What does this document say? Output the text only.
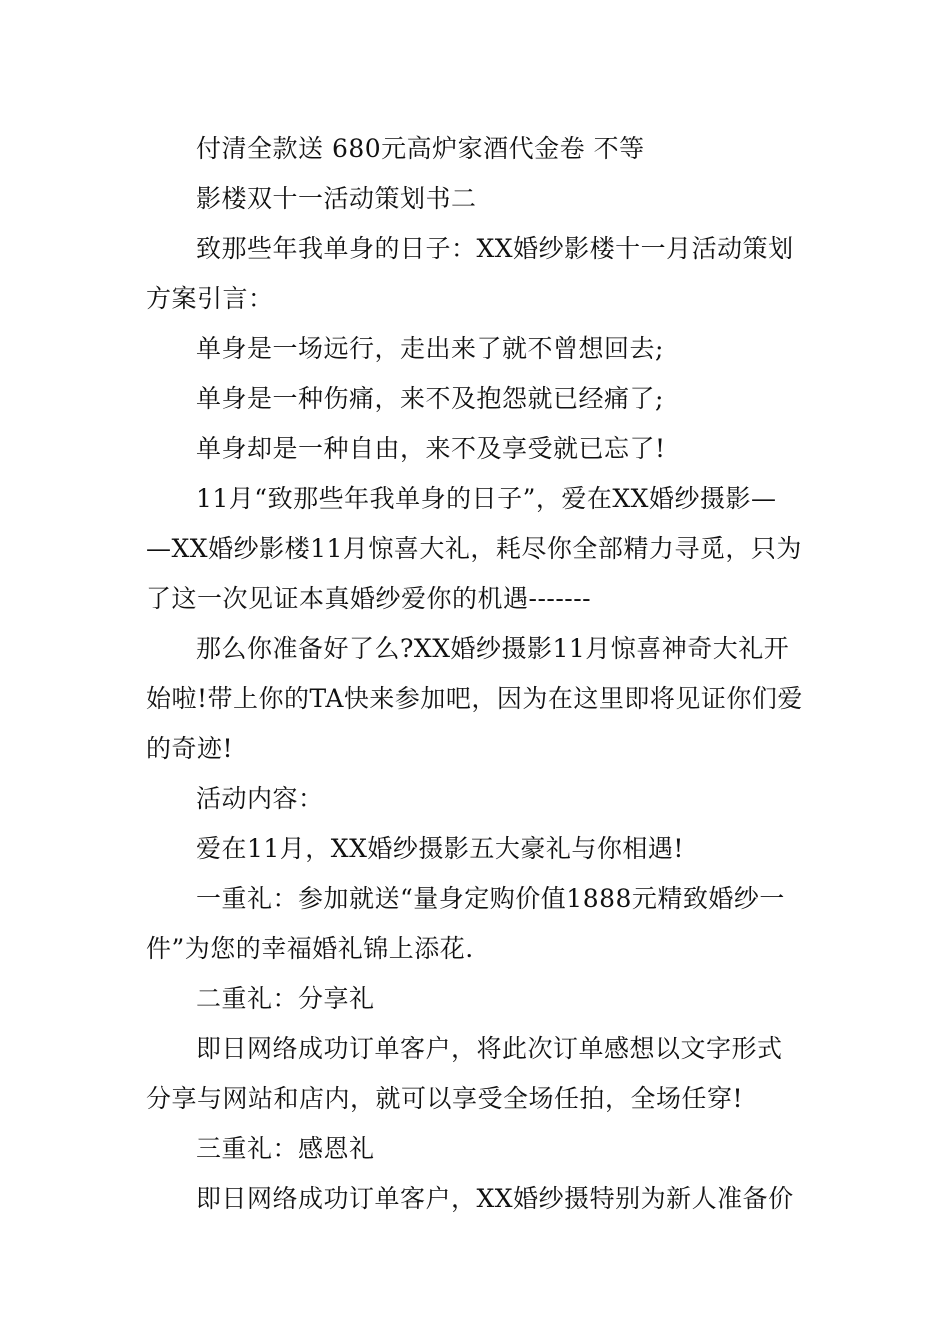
付清全款送 680元高炉家酒代金卷 不等
影楼双十一活动策划书二
致那些年我单身的日子：XX婚纱影楼十一月活动策划
方案引言：
单身是一场远行，走出来了就不曾想回去;
单身是一种伤痛，来不及抱怨就已经痛了;
单身却是一种自由，来不及享受就已忘了!
11月“致那些年我单身的日子”，爱在XX婚纱摄影—
—XX婚纱影楼11月惊喜大礼，耗尽你全部精力寻觅，只为
了这一次见证本真婚纱爱你的机遇-------
那么你准备好了么?XX婚纱摄影11月惊喜神奇大礼开
始啦!带上你的TA快来参加吧，因为在这里即将见证你们爱
的奇迹!
活动内容：
爱在11月，XX婚纱摄影五大豪礼与你相遇!
一重礼：参加就送“量身定购价值1888元精致婚纱一
件”为您的幸福婚礼锦上添花.
二重礼：分享礼
即日网络成功订单客户，将此次订单感想以文字形式
分享与网站和店内，就可以享受全场任拍，全场任穿!
三重礼：感恩礼
即日网络成功订单客户，XX婚纱摄特别为新人准备价
